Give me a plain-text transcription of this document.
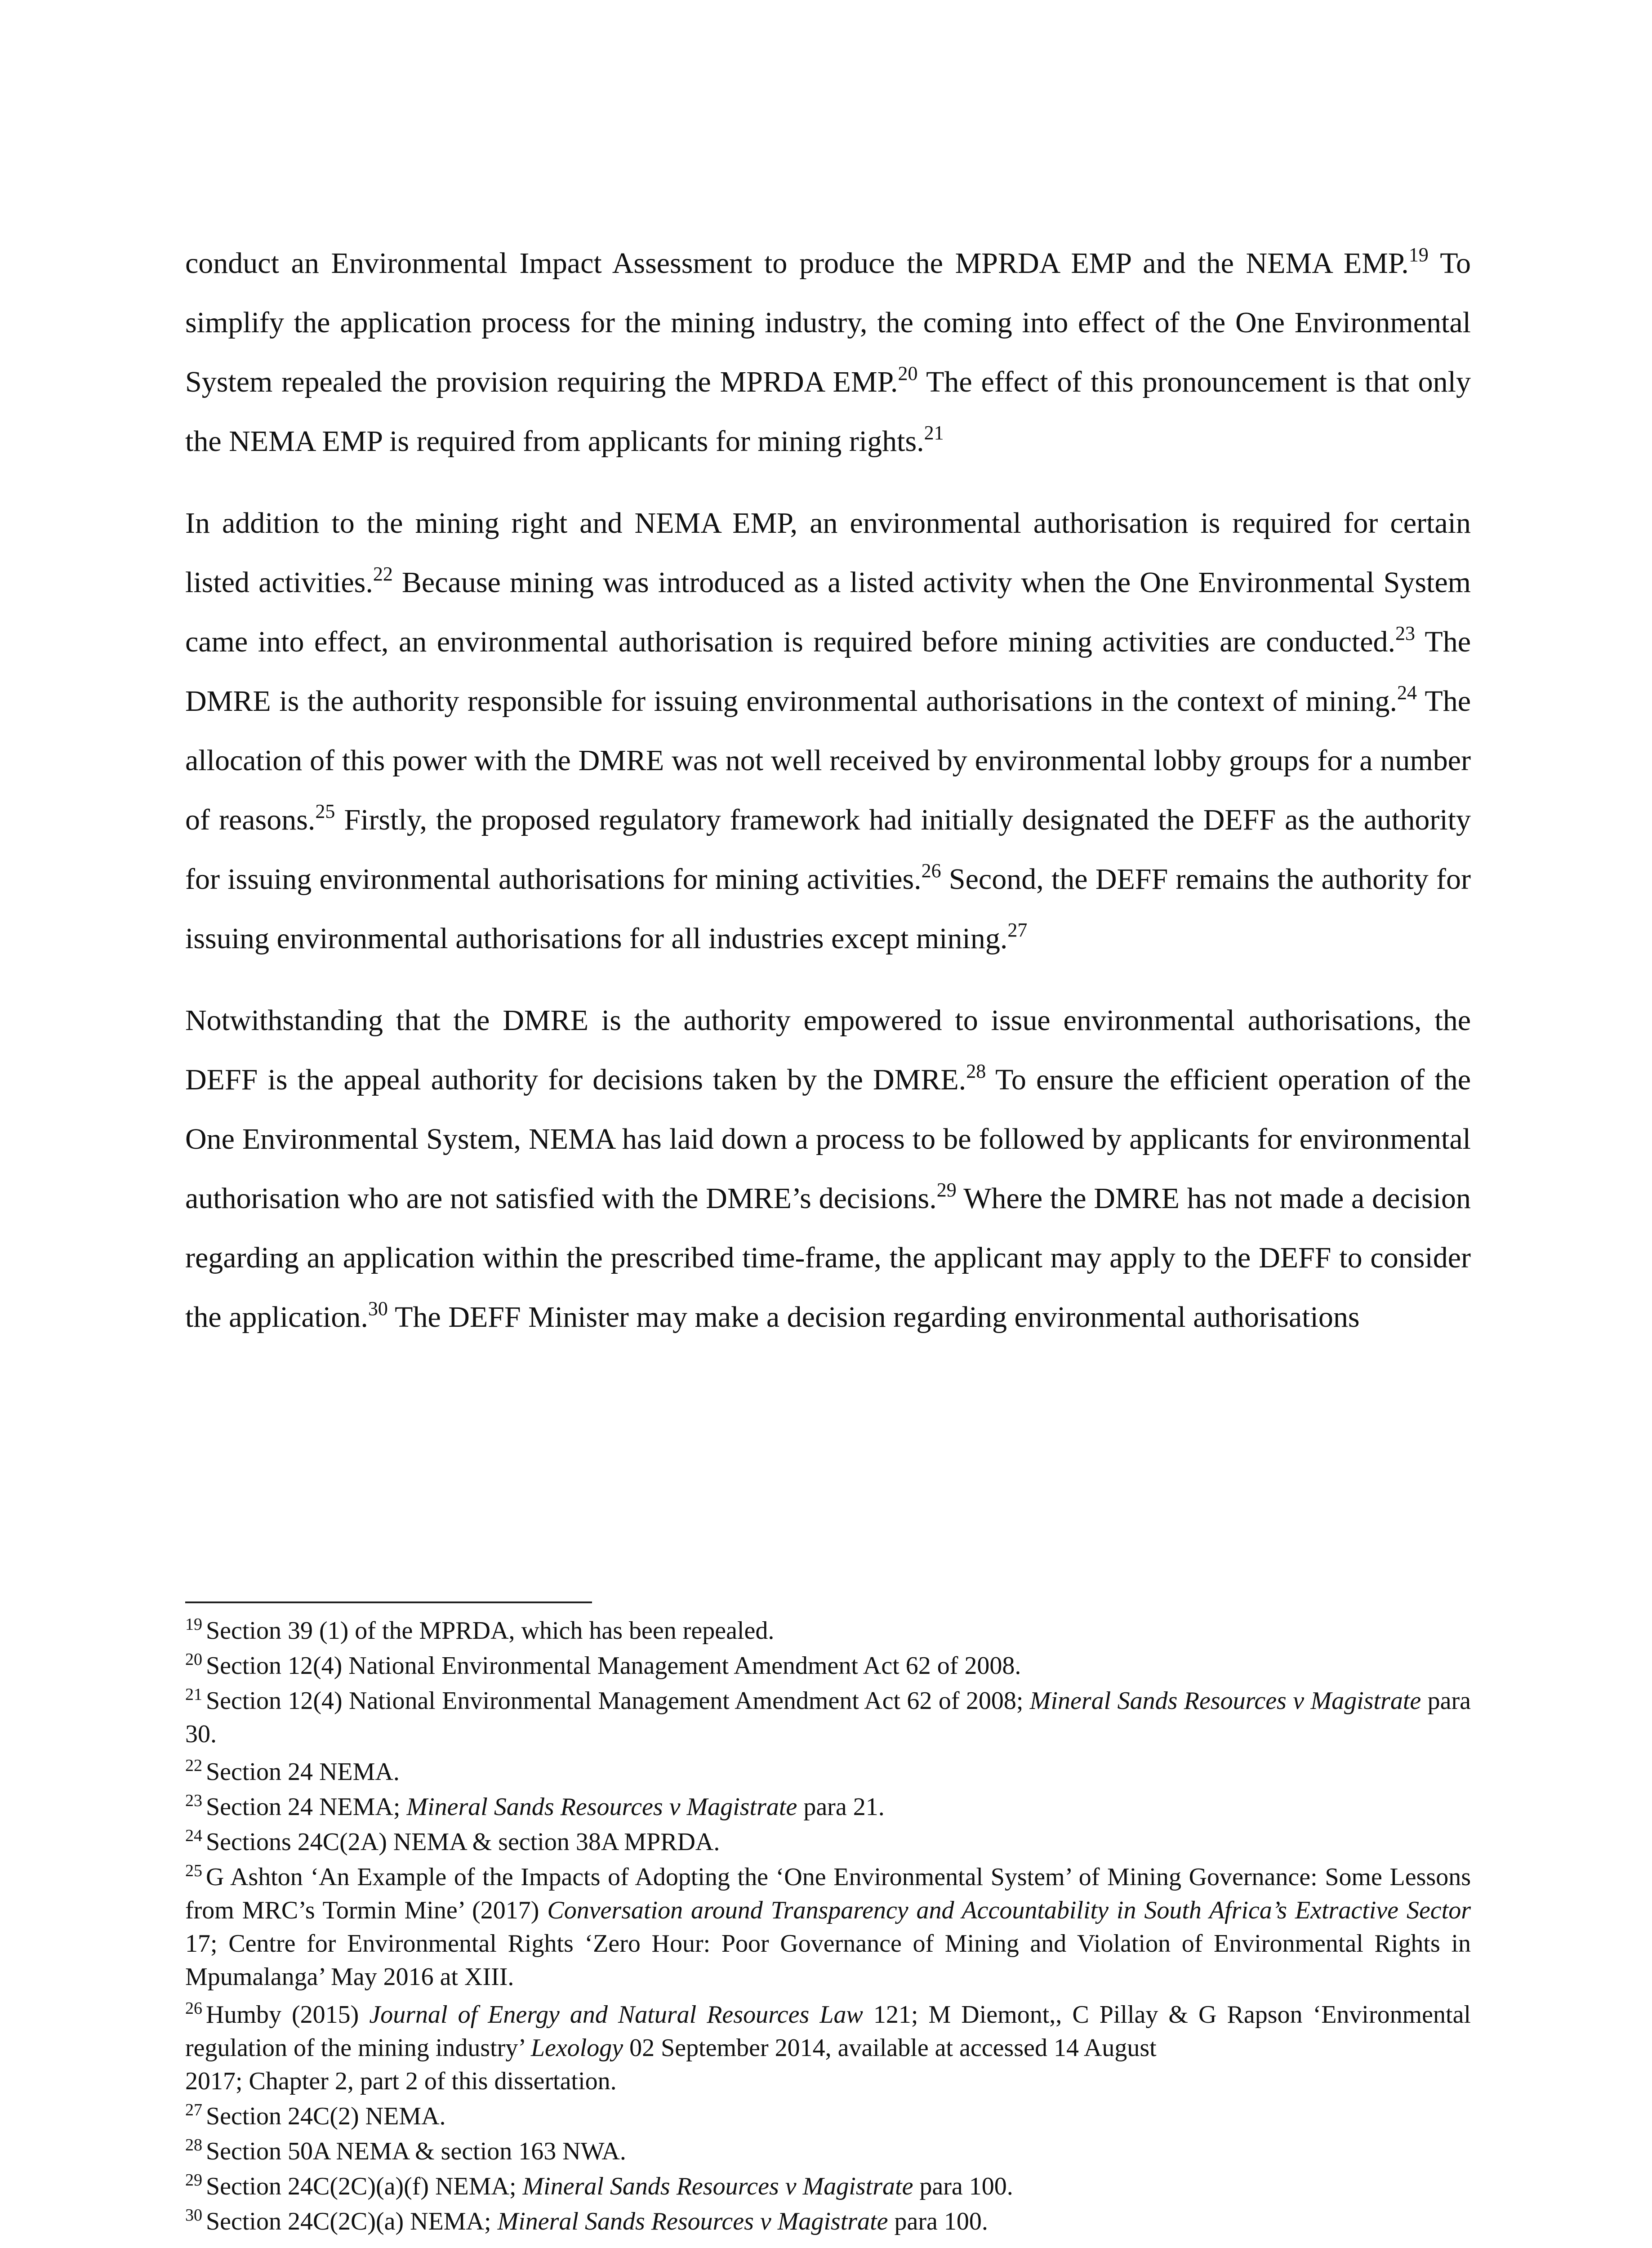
conduct an Environmental Impact Assessment to produce the MPRDA EMP and the NEMA EMP.$^{19}$ To simplify the application process for the mining industry, the coming into effect of the One Environmental System repealed the provision requiring the MPRDA EMP.$^{20}$ The effect of this pronouncement is that only the NEMA EMP is required from applicants for mining rights.$^{21}$

In addition to the mining right and NEMA EMP, an environmental authorisation is required for certain listed activities.$^{22}$ Because mining was introduced as a listed activity when the One Environmental System came into effect, an environmental authorisation is required before mining activities are conducted.$^{23}$ The DMRE is the authority responsible for issuing environmental authorisations in the context of mining.$^{24}$ The allocation of this power with the DMRE was not well received by environmental lobby groups for a number of reasons.$^{25}$ Firstly, the proposed regulatory framework had initially designated the DEFF as the authority for issuing environmental authorisations for mining activities.$^{26}$ Second, the DEFF remains the authority for issuing environmental authorisations for all industries except mining.$^{27}$

Notwithstanding that the DMRE is the authority empowered to issue environmental authorisations, the DEFF is the appeal authority for decisions taken by the DMRE.$^{28}$ To ensure the efficient operation of the One Environmental System, NEMA has laid down a process to be followed by applicants for environmental authorisation who are not satisfied with the DMRE’s decisions.$^{29}$ Where the DMRE has not made a decision regarding an application within the prescribed time-frame, the applicant may apply to the DEFF to consider the application.$^{30}$ The DEFF Minister may make a decision regarding environmental authorisations

$^{19}$ Section 39 (1) of the MPRDA, which has been repealed.

$^{20}$ Section 12(4) National Environmental Management Amendment Act 62 of 2008.

$^{21}$ Section 12(4) National Environmental Management Amendment Act 62 of 2008; Mineral Sands Resources v Magistrate para 30.

$^{22}$ Section 24 NEMA.

$^{23}$ Section 24 NEMA; Mineral Sands Resources v Magistrate para 21.

$^{24}$ Sections 24C(2A) NEMA & section 38A MPRDA.

$^{25}$ G Ashton ‘An Example of the Impacts of Adopting the ‘One Environmental System’ of Mining Governance: Some Lessons from MRC’s Tormin Mine’ (2017) Conversation around Transparency and Accountability in South Africa’s Extractive Sector 17; Centre for Environmental Rights ‘Zero Hour: Poor Governance of Mining and Violation of Environmental Rights in Mpumalanga’ May 2016 at XIII.

$^{26}$ Humby (2015) Journal of Energy and Natural Resources Law 121; M Diemont,, C Pillay & G Rapson ‘Environmental regulation of the mining industry’ Lexology 02 September 2014, available at accessed 14 August
2017; Chapter 2, part 2 of this dissertation.

$^{27}$ Section 24C(2) NEMA.

$^{28}$ Section 50A NEMA & section 163 NWA.

$^{29}$ Section 24C(2C)(a)(f) NEMA; Mineral Sands Resources v Magistrate para 100.

$^{30}$ Section 24C(2C)(a) NEMA; Mineral Sands Resources v Magistrate para 100.
